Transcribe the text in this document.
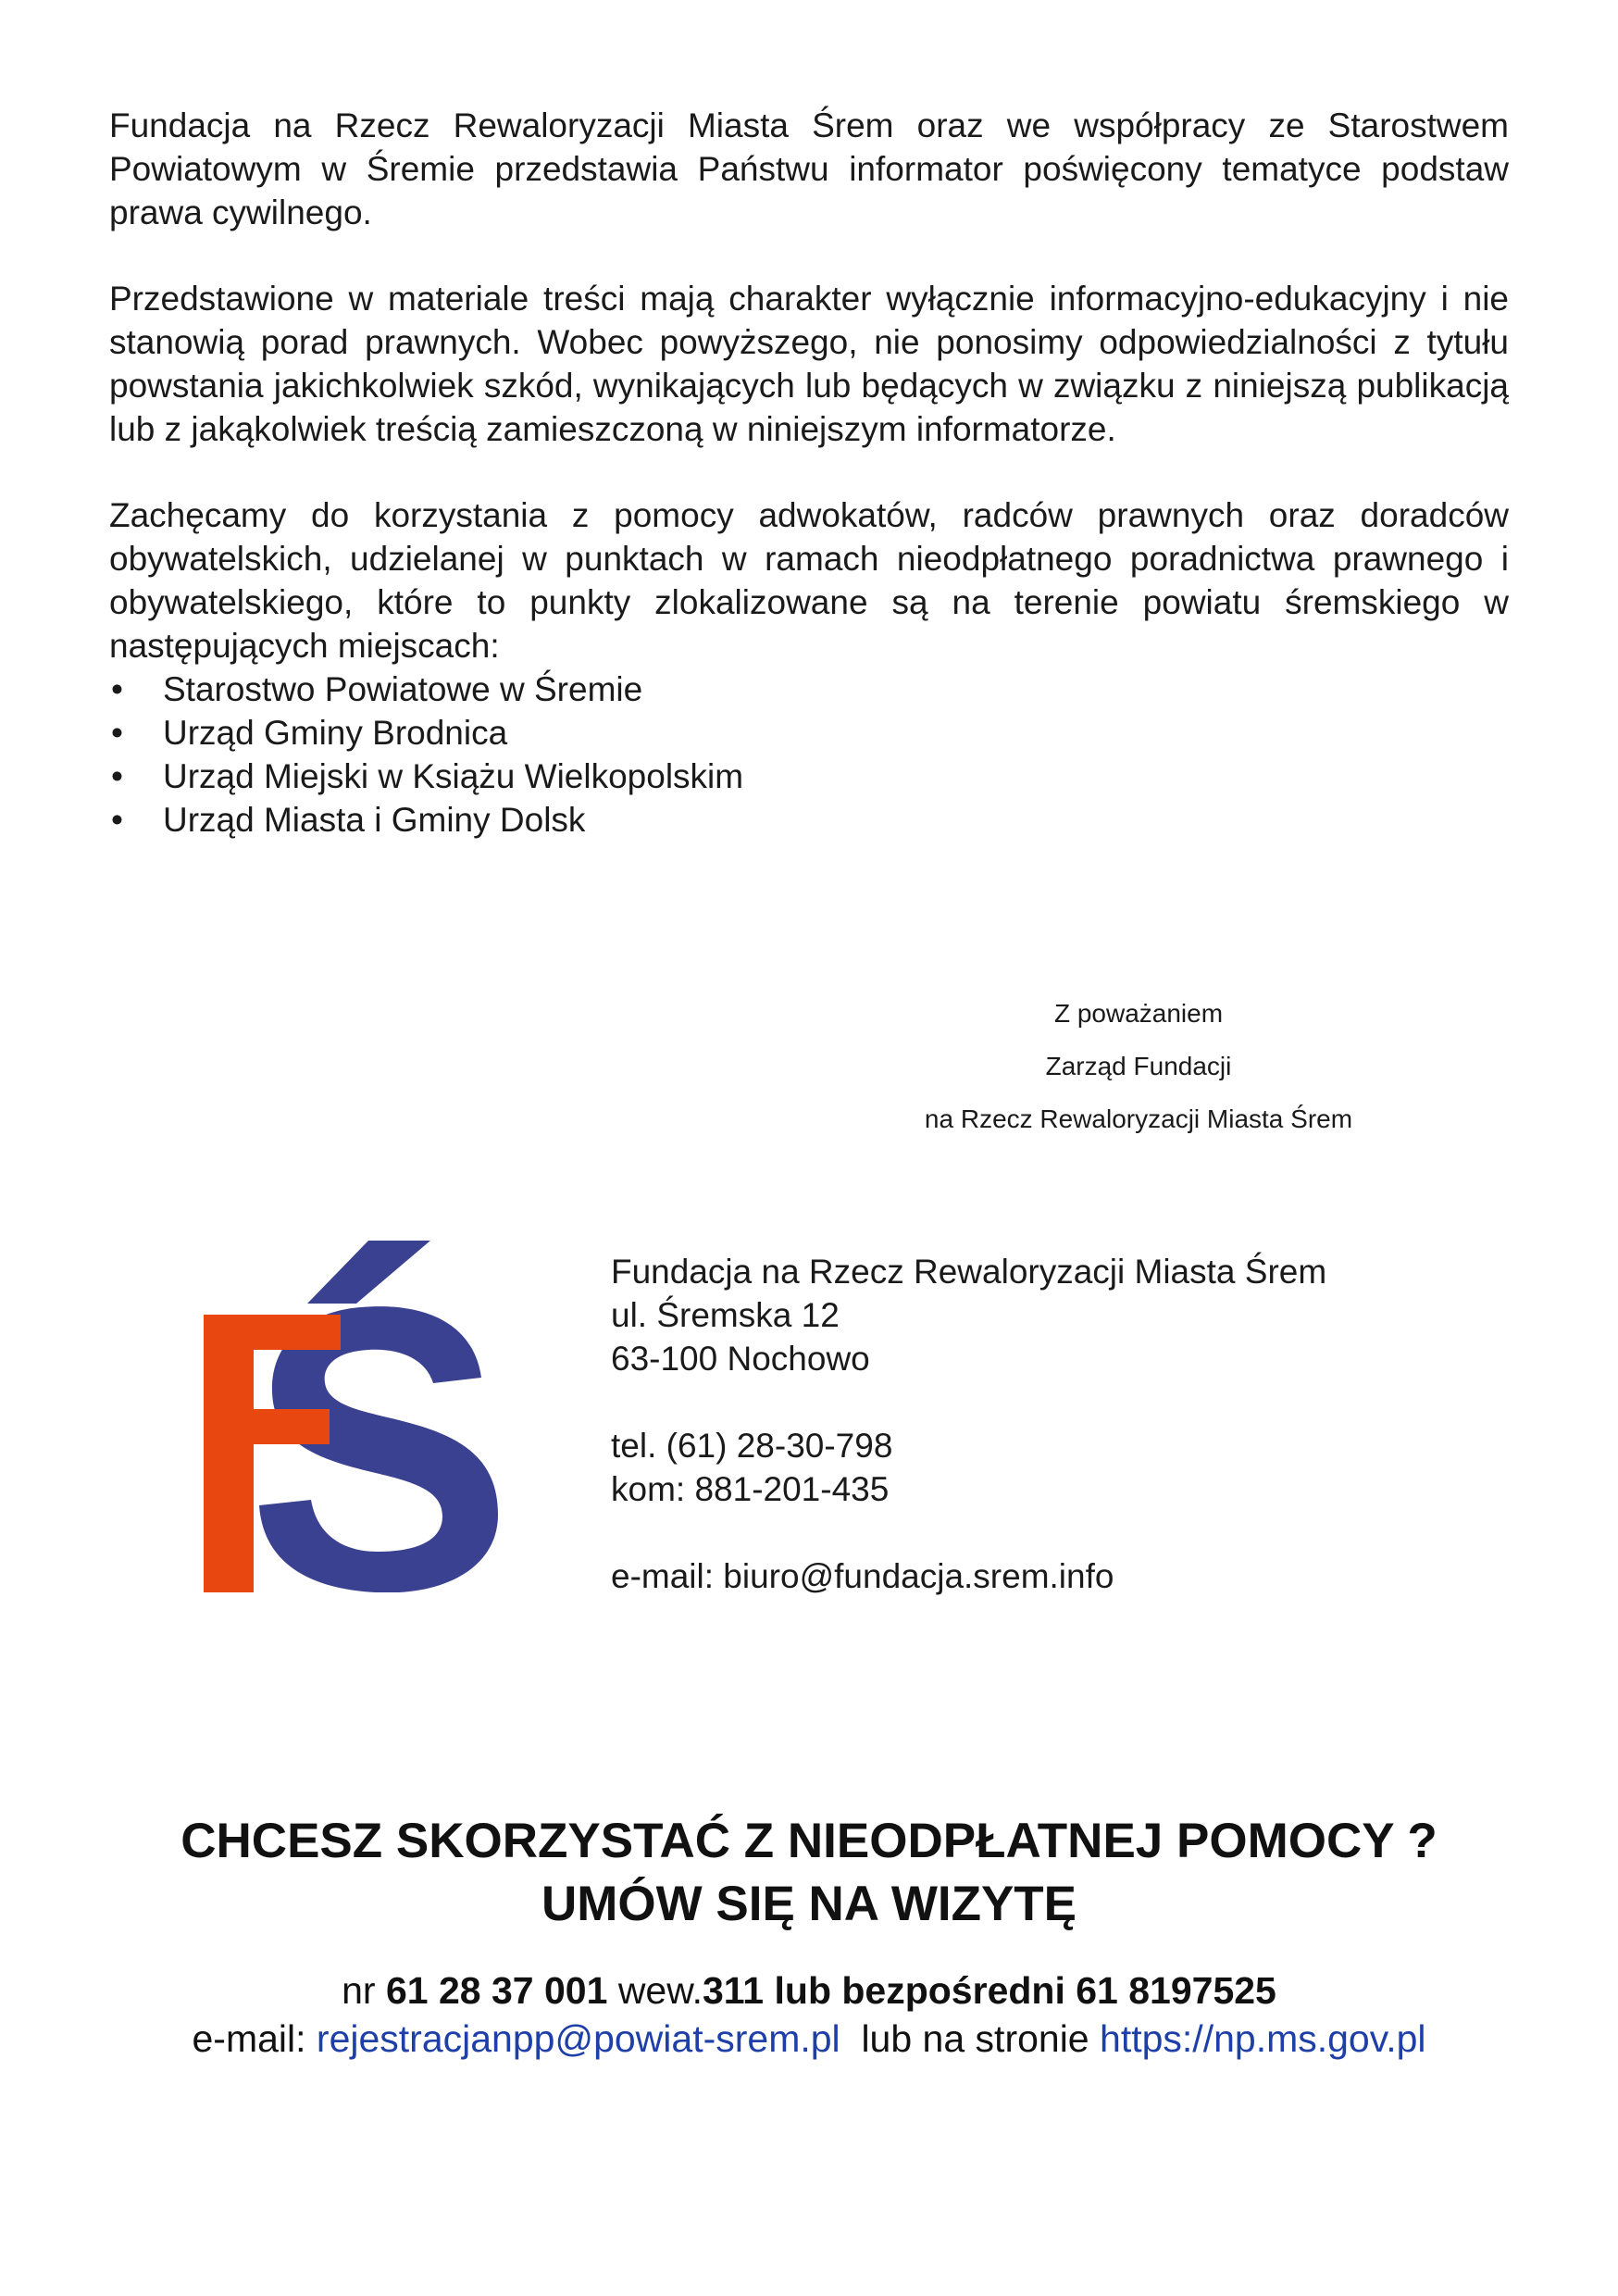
Fundacja na Rzecz Rewaloryzacji Miasta Śrem oraz we współpracy ze Starostwem Powiatowym w Śremie przedstawia Państwu informator poświęcony tematyce podstaw prawa cywilnego.

Przedstawione w materiale treści mają charakter wyłącznie informacyjno-edukacyjny i nie stanowią porad prawnych. Wobec powyższego, nie ponosimy odpowiedzialności z tytułu powstania jakichkolwiek szkód, wynikających lub będących w związku z niniejszą publikacją lub z jakąkolwiek treścią zamieszczoną w niniejszym informatorze.

Zachęcamy do korzystania z pomocy adwokatów, radców prawnych oraz doradców obywatelskich, udzielanej w punktach w ramach nieodpłatnego poradnictwa prawnego i obywatelskiego, które to punkty zlokalizowane są na terenie powiatu śremskiego w następujących miejscach:

•	Starostwo Powiatowe w Śremie
•	Urząd Gminy Brodnica
•	Urząd Miejski w Książu Wielkopolskim
•	Urząd Miasta i Gminy Dolsk
Z poważaniem
Zarząd Fundacji
na Rzecz Rewaloryzacji Miasta Śrem
Fundacja na Rzecz Rewaloryzacji Miasta Śrem
ul. Śremska 12
63-100 Nochowo
tel. (61) 28-30-798
kom: 881-201-435
e-mail: biuro@fundacja.srem.info
CHCESZ SKORZYSTAĆ Z NIEODPŁATNEJ POMOCY ?
UMÓW SIĘ NA WIZYTĘ
nr 61 28 37 001 wew.311 lub bezpośredni 61 8197525
e-mail: rejestracjanpp@powiat-srem.pl lub na stronie https://np.ms.gov.pl
